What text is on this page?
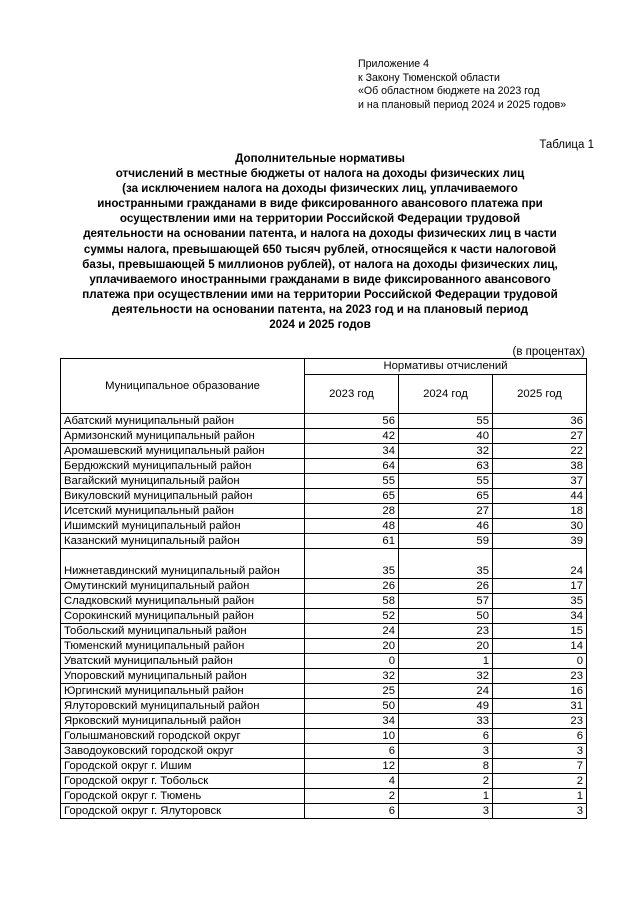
Приложение 4
к Закону Тюменской области
«Об областном бюджете на 2023 год
и на плановый период 2024 и 2025 годов»
Таблица 1
Дополнительные нормативы
отчислений в местные бюджеты от налога на доходы физических лиц
(за исключением налога на доходы физических лиц, уплачиваемого
иностранными гражданами в виде фиксированного авансового платежа при
осуществлении ими на территории Российской Федерации трудовой
деятельности на основании патента, и налога на доходы физических лиц в части
суммы налога, превышающей 650 тысяч рублей, относящейся к части налоговой
базы, превышающей 5 миллионов рублей), от налога на доходы физических лиц,
уплачиваемого иностранными гражданами в виде фиксированного авансового
платежа при осуществлении ими на территории Российской Федерации трудовой
деятельности на основании патента, на 2023 год и на плановый период
2024 и 2025 годов
(в процентах)
Муниципальное образование	Нормативы отчислений		
	2023 год	2024 год	2025 год
Абатский муниципальный район	56	55	36
Армизонский муниципальный район	42	40	27
Аромашевский муниципальный район	34	32	22
Бердюжский муниципальный район	64	63	38
Вагайский муниципальный район	55	55	37
Викуловский муниципальный район	65	65	44
Исетский муниципальный район	28	27	18
Ишимский муниципальный район	48	46	30
Казанский муниципальный район	61	59	39
Нижнетавдинский муниципальный район	35	35	24
Омутинский муниципальный район	26	26	17
Сладковский муниципальный район	58	57	35
Сорокинский муниципальный район	52	50	34
Тобольский муниципальный район	24	23	15
Тюменский муниципальный район	20	20	14
Уватский муниципальный район	0	1	0
Упоровский муниципальный район	32	32	23
Юргинский муниципальный район	25	24	16
Ялуторовский муниципальный район	50	49	31
Ярковский муниципальный район	34	33	23
Голышмановский городской округ	10	6	6
Заводоуковский городской округ	6	3	3
Городской округ г. Ишим	12	8	7
Городской округ г. Тобольск	4	2	2
Городской округ г. Тюмень	2	1	1
Городской округ г. Ялуторовск	6	3	3
